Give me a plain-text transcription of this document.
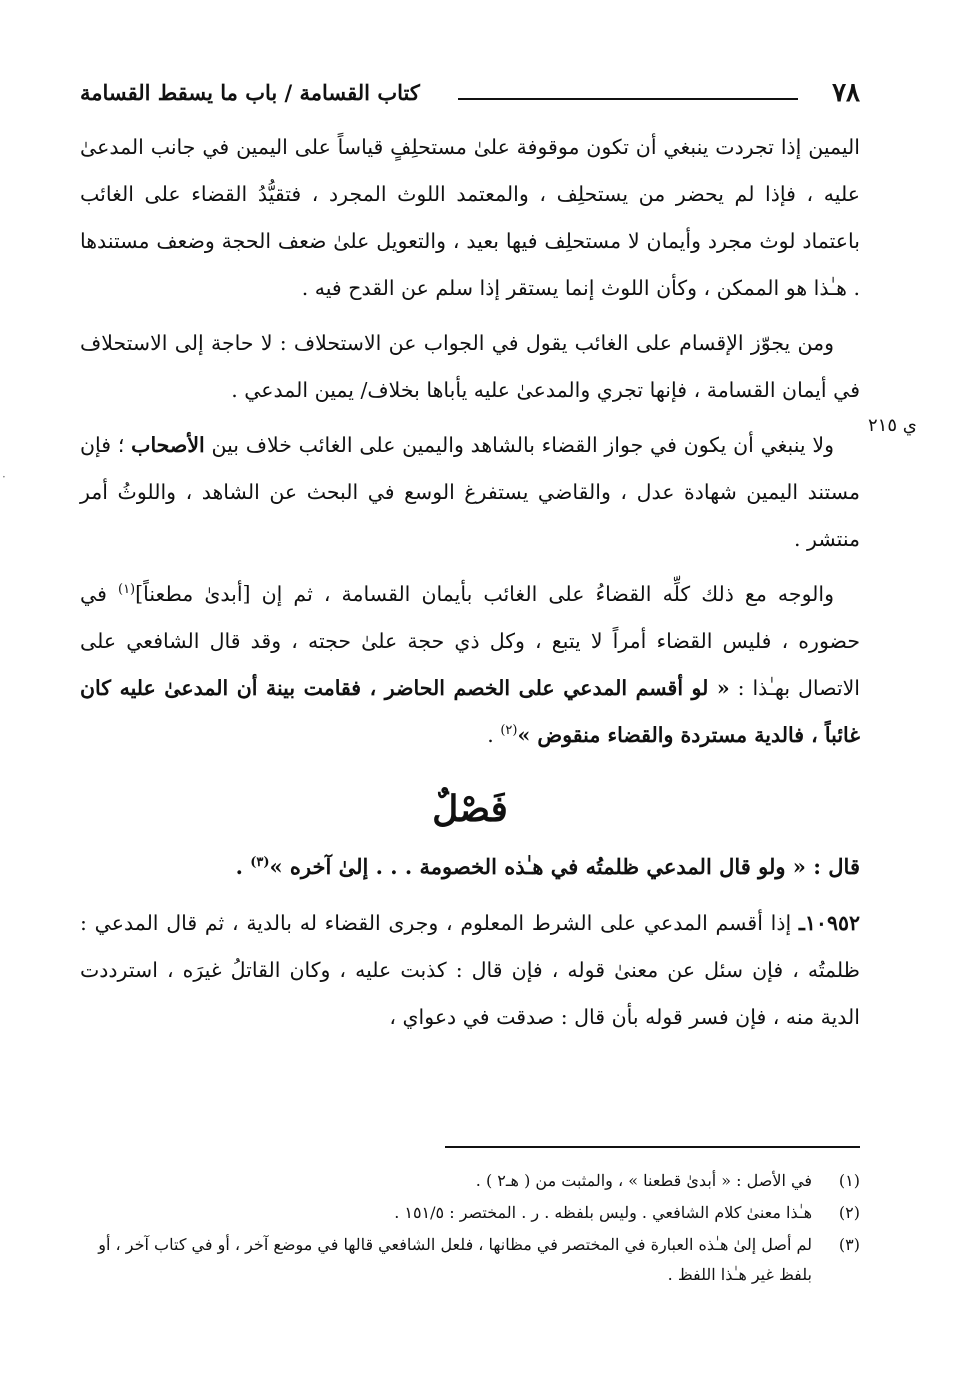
٧٨
كتاب القسامة / باب ما يسقط القسامة
ي ٢١٥
·

اليمين إذا تجردت ينبغي أن تكون موقوفة علىٰ مستحلِفٍ قياساً على اليمين في جانب المدعىٰ عليه ، فإذا لم يحضر من يستحلِف ، والمعتمد اللوث المجرد ، فتقيُّدُ القضاء على الغائب باعتماد لوث مجرد وأيمان لا مستحلِف فيها بعيد ، والتعويل علىٰ ضعف الحجة وضعف مستندها . هـٰذا هو الممكن ، وكأن اللوث إنما يستقر إذا سلم عن القدح فيه .

ومن يجوّز الإقسام على الغائب يقول في الجواب عن الاستحلاف : لا حاجة إلى الاستحلاف في أيمان القسامة ، فإنها تجري والمدعىٰ عليه يأباها بخلاف/ يمين المدعي .

ولا ينبغي أن يكون في جواز القضاء بالشاهد واليمين على الغائب خلاف بين الأصحاب ؛ فإن مستند اليمين شهادة عدل ، والقاضي يستفرغ الوسع في البحث عن الشاهد ، واللوثُ أمر منتشر .

والوجه مع ذلك كلِّه القضاءُ على الغائب بأيمان القسامة ، ثم إن [أبدىٰ مطعناً]$^{(١)}$ في حضوره ، فليس القضاء أمراً لا يتبع ، وكل ذي حجة علىٰ حجته ، وقد قال الشافعي على الاتصال بهـٰذا : « لو أقسم المدعي على الخصم الحاضر ، فقامت بينة أن المدعىٰ عليه كان غائباً ، فالدية مستردة والقضاء منقوض »$^{(٢)}$ .

فَصْلٌ

قال : « ولو قال المدعي ظلمتُه في هـٰذه الخصومة . . . إلىٰ آخره »$^{(٣)}$ .

١٠٩٥٢ـ إذا أقسم المدعي على الشرط المعلوم ، وجرى القضاء له بالدية ، ثم قال المدعي : ظلمتُه ، فإن سئل عن معنىٰ قوله ، فإن قال : كذبت عليه ، وكان القاتلُ غيرَه ، استرددت الدية منه ، فإن فسر قوله بأن قال : صدقت في دعواي ،

(١)
في الأصل : « أبدىٰ قطعنا » ، والمثبت من ( هـ٢ ) .
(٢)
هـٰذا معنىٰ كلام الشافعي . وليس بلفظه . ر . المختصر : ١٥١/٥ .
(٣)
لم أصل إلىٰ هـٰذه العبارة في المختصر في مظانها ، فلعل الشافعي قالها في موضع آخر ، أو في كتاب آخر ، أو بلفظ غير هـٰذا اللفظ .
